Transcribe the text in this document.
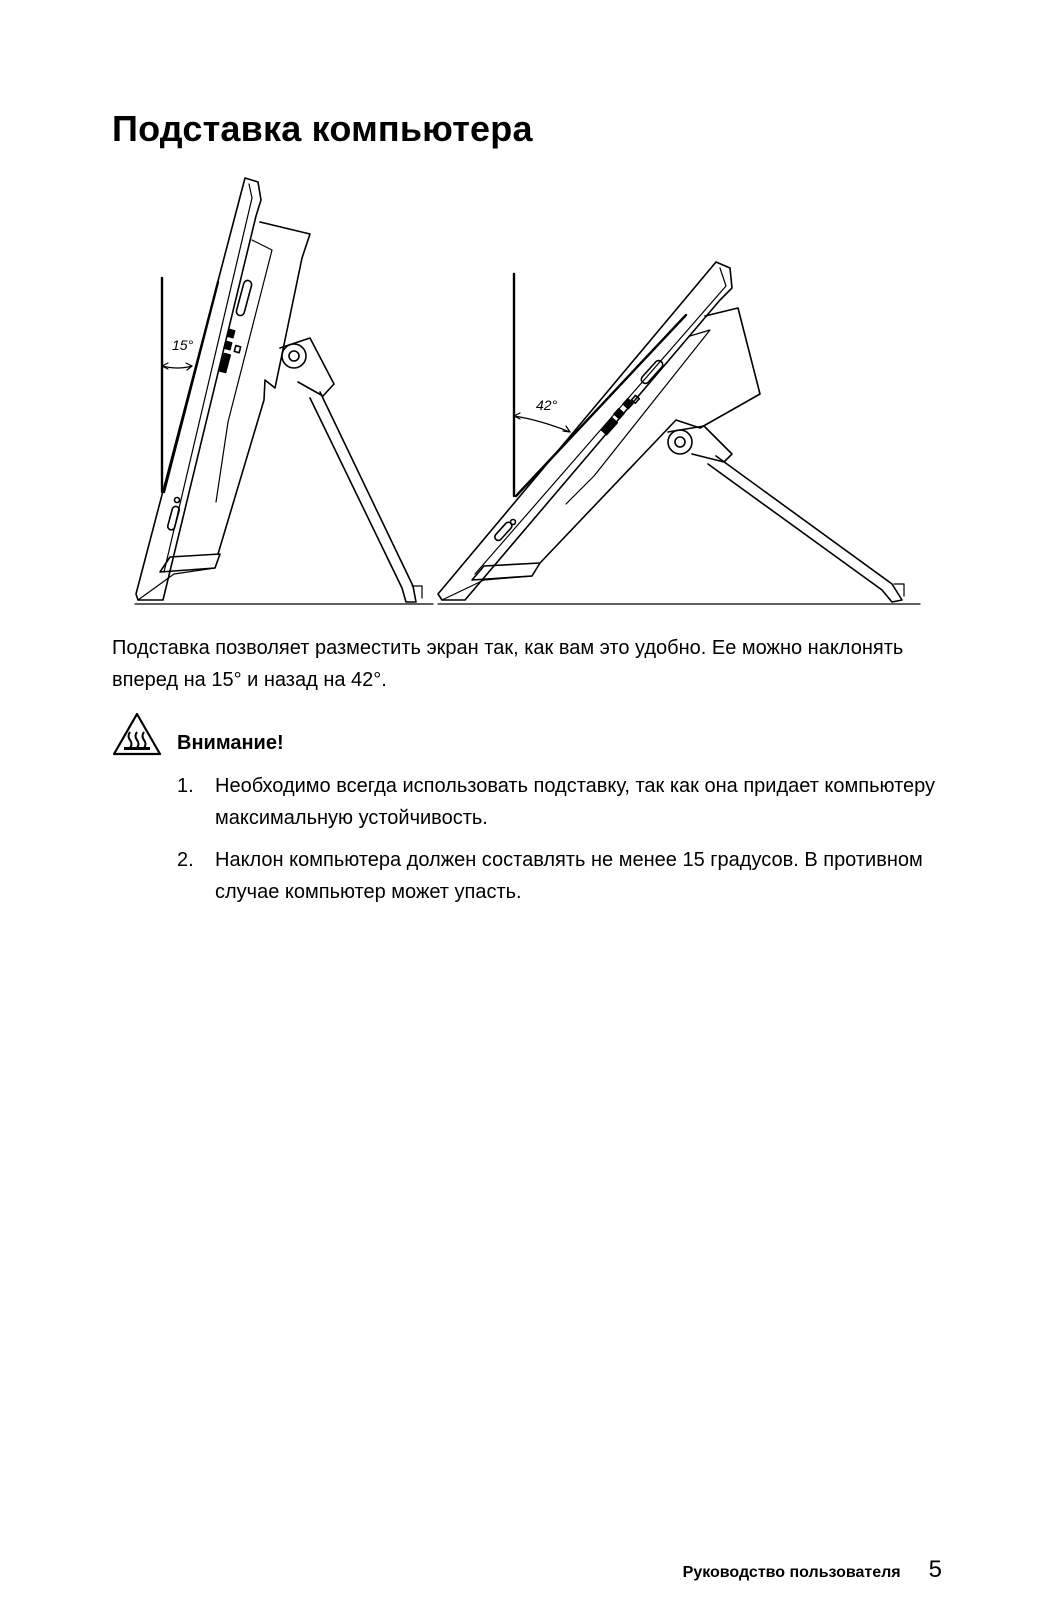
Подставка компьютера
15°
42°

Подставка позволяет разместить экран так, как вам это удобно. Ее можно наклонять вперед на 15° и назад на 42°.

Внимание!

1. Необходимо всегда использовать подставку, так как она придает компьютеру максимальную устойчивость.
2. Наклон компьютера должен составлять не менее 15 градусов. В противном случае компьютер может упасть.
Руководство пользователя 5
